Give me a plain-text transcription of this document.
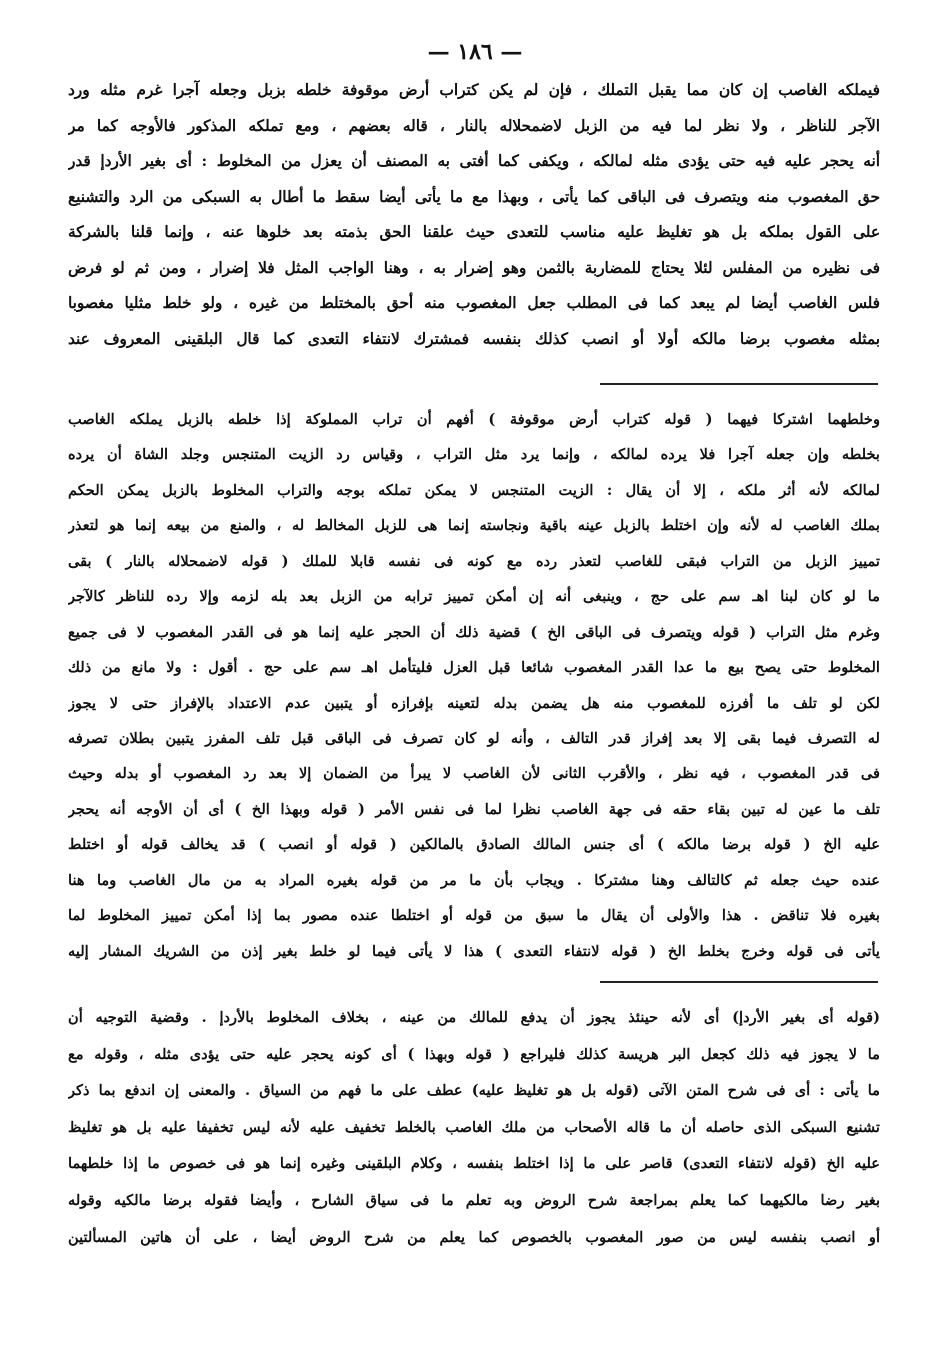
— ١٨٦ —
فيملكه الغاصب إن كان مما يقبل التملك ، فإن لم يكن كتراب أرض موقوفة خلطه بزبل وجعله آجرا غرم مثله ورد
الآجر للناظر ، ولا نظر لما فيه من الزبل لاضمحلاله بالنار ، قاله بعضهم ، ومع تملكه المذكور فالأوجه كما مر
أنه يحجر عليه فيه حتى يؤدى مثله لمالكه ، ويكفى كما أفتى به المصنف أن يعزل من المخلوط : أى بغير الأردإ قدر
حق المغصوب منه ويتصرف فى الباقى كما يأتى ، وبهذا مع ما يأتى أيضا سقط ما أطال به السبكى من الرد والتشنيع
على القول بملكه بل هو تغليظ عليه مناسب للتعدى حيث علقنا الحق بذمته بعد خلوها عنه ، وإنما قلنا بالشركة
فى نظيره من المفلس لئلا يحتاج للمضاربة بالثمن وهو إضرار به ، وهنا الواجب المثل فلا إضرار ، ومن ثم لو فرض
فلس الغاصب أيضا لم يبعد كما فى المطلب جعل المغصوب منه أحق بالمختلط من غيره ، ولو خلط مثليا مغصوبا
بمثله مغصوب برضا مالكه أولا أو انصب كذلك بنفسه فمشترك لانتفاء التعدى كما قال البلقينى المعروف عند
وخلطهما اشتركا فيهما ( قوله كتراب أرض موقوفة ) أفهم أن تراب المملوكة إذا خلطه بالزبل يملكه الغاصب
بخلطه وإن جعله آجرا فلا يرده لمالكه ، وإنما يرد مثل التراب ، وقياس رد الزيت المتنجس وجلد الشاة أن يرده
لمالكه لأنه أثر ملكه ، إلا أن يقال : الزيت المتنجس لا يمكن تملكه بوجه والتراب المخلوط بالزبل يمكن الحكم
بملك الغاصب له لأنه وإن اختلط بالزبل عينه باقية ونجاسته إنما هى للزبل المخالط له ، والمنع من بيعه إنما هو لتعذر
تمييز الزبل من التراب فبقى للغاصب لتعذر رده مع كونه فى نفسه قابلا للملك ( قوله لاضمحلاله بالنار ) بقى
ما لو كان لبنا اهـ سم على حج ، وينبغى أنه إن أمكن تمييز ترابه من الزبل بعد بله لزمه وإلا رده للناظر كالآجر
وغرم مثل التراب ( قوله ويتصرف فى الباقى الخ ) قضية ذلك أن الحجر عليه إنما هو فى القدر المغصوب لا فى جميع
المخلوط حتى يصح بيع ما عدا القدر المغصوب شائعا قبل العزل فليتأمل اهـ سم على حج . أقول : ولا مانع من ذلك
لكن لو تلف ما أفرزه للمغصوب منه هل يضمن بدله لتعينه بإفرازه أو يتبين عدم الاعتداد بالإفراز حتى لا يجوز
له التصرف فيما بقى إلا بعد إفراز قدر التالف ، وأنه لو كان تصرف فى الباقى قبل تلف المفرز يتبين بطلان تصرفه
فى قدر المغصوب ، فيه نظر ، والأقرب الثانى لأن الغاصب لا يبرأ من الضمان إلا بعد رد المغصوب أو بدله وحيث
تلف ما عين له تبين بقاء حقه فى جهة الغاصب نظرا لما فى نفس الأمر ( قوله وبهذا الخ ) أى أن الأوجه أنه يحجر
عليه الخ ( قوله برضا مالكه ) أى جنس المالك الصادق بالمالكين ( قوله أو انصب ) قد يخالف قوله أو اختلط
عنده حيث جعله ثم كالتالف وهنا مشتركا . ويجاب بأن ما مر من قوله بغيره المراد به من مال الغاصب وما هنا
بغيره فلا تناقض . هذا والأولى أن يقال ما سبق من قوله أو اختلطا عنده مصور بما إذا أمكن تمييز المخلوط لما
يأتى فى قوله وخرج بخلط الخ ( قوله لانتفاء التعدى ) هذا لا يأتى فيما لو خلط بغير إذن من الشريك المشار إليه
(قوله أى بغير الأردإ) أى لأنه حينئذ يجوز أن يدفع للمالك من عينه ، بخلاف المخلوط بالأردإ . وقضية التوجيه أن
ما لا يجوز فيه ذلك كجعل البر هريسة كذلك فليراجع ( قوله وبهذا ) أى كونه يحجر عليه حتى يؤدى مثله ، وقوله مع
ما يأتى : أى فى شرح المتن الآتى (قوله بل هو تغليظ عليه) عطف على ما فهم من السياق . والمعنى إن اندفع بما ذكر
تشنيع السبكى الذى حاصله أن ما قاله الأصحاب من ملك الغاصب بالخلط تخفيف عليه لأنه ليس تخفيفا عليه بل هو تغليظ
عليه الخ (قوله لانتفاء التعدى) قاصر على ما إذا اختلط بنفسه ، وكلام البلقينى وغيره إنما هو فى خصوص ما إذا خلطهما
بغير رضا مالكيهما كما يعلم بمراجعة شرح الروض وبه تعلم ما فى سياق الشارح ، وأيضا فقوله برضا مالكيه وقوله
أو انصب بنفسه ليس من صور المغصوب بالخصوص كما يعلم من شرح الروض أيضا ، على أن هاتين المسألتين
